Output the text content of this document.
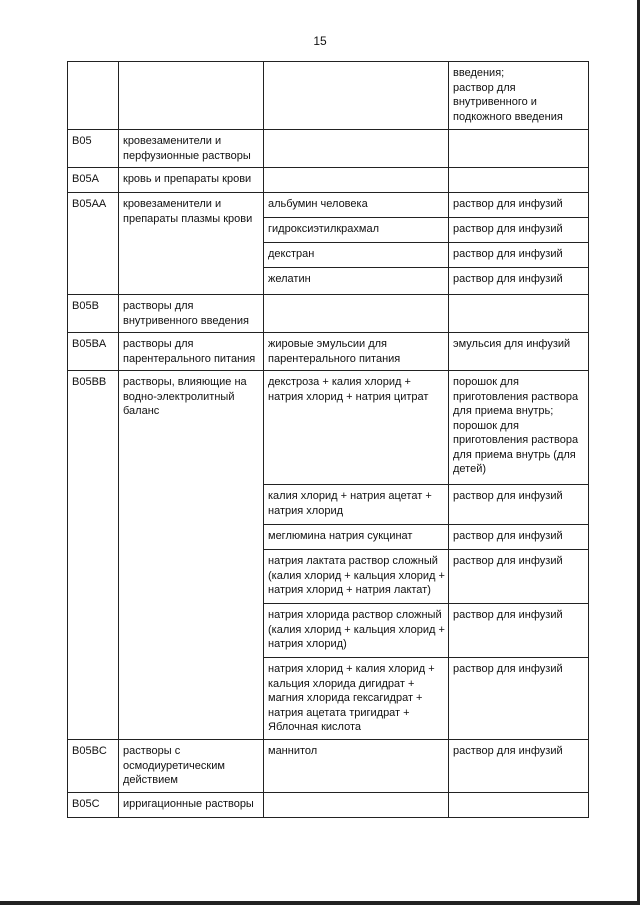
15
			введения;
раствор для внутривенного и подкожного введения
B05	кровезаменители и перфузионные растворы		
B05A	кровь и препараты крови		
B05AA	кровезаменители и препараты плазмы крови	альбумин человека	раствор для инфузий
		гидроксиэтилкрахмал	раствор для инфузий
		декстран	раствор для инфузий
		желатин	раствор для инфузий
B05B	растворы для внутривенного введения		
B05BA	растворы для парентерального питания	жировые эмульсии для парентерального питания	эмульсия для инфузий
B05BB	растворы, влияющие на водно-электролитный баланс	декстроза + калия хлорид + натрия хлорид + натрия цитрат	порошок для приготовления раствора для приема внутрь;
порошок для приготовления раствора для приема внутрь (для детей)
		калия хлорид + натрия ацетат + натрия хлорид	раствор для инфузий
		меглюмина натрия сукцинат	раствор для инфузий
		натрия лактата раствор сложный (калия хлорид + кальция хлорид + натрия хлорид + натрия лактат)	раствор для инфузий
		натрия хлорида раствор сложный (калия хлорид + кальция хлорид + натрия хлорид)	раствор для инфузий
		натрия хлорид + калия хлорид + кальция хлорида дигидрат + магния хлорида гексагидрат + натрия ацетата тригидрат + Яблочная кислота	раствор для инфузий
B05BC	растворы с осмодиуретическим действием	маннитол	раствор для инфузий
B05C	ирригационные растворы		
